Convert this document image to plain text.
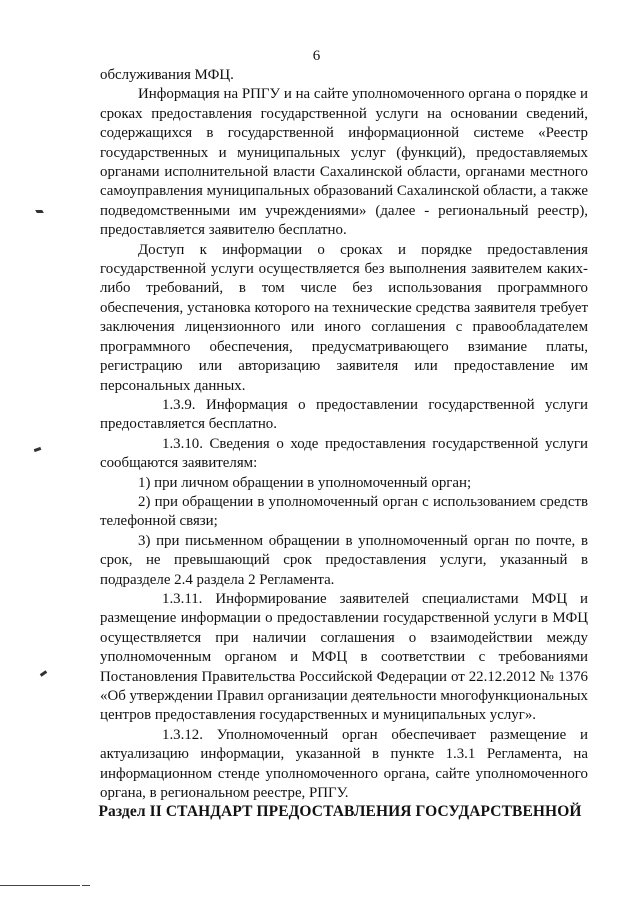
6

обслуживания МФЦ.

Информация на РПГУ и на сайте уполномоченного органа о порядке и сроках предоставления государственной услуги на основании сведений, содержащихся в государственной информационной системе «Реестр государственных и муниципальных услуг (функций), предоставляемых органами исполнительной власти Сахалинской области, органами местного самоуправления муниципальных образований Сахалинской области, а также подведомственными им учреждениями» (далее - региональный реестр), предоставляется заявителю бесплатно.

Доступ к информации о сроках и порядке предоставления государственной услуги осуществляется без выполнения заявителем каких-либо требований, в том числе без использования программного обеспечения, установка которого на технические средства заявителя требует заключения лицензионного или иного соглашения с правообладателем программного обеспечения, предусматривающего взимание платы, регистрацию или авторизацию заявителя или предоставление им персональных данных.

1.3.9. Информация о предоставлении государственной услуги предоставляется бесплатно.

1.3.10. Сведения о ходе предоставления государственной услуги сообщаются заявителям:

1) при личном обращении в уполномоченный орган;

2) при обращении в уполномоченный орган с использованием средств телефонной связи;

3) при письменном обращении в уполномоченный орган по почте, в срок, не превышающий срок предоставления услуги, указанный в подразделе 2.4 раздела 2 Регламента.

1.3.11. Информирование заявителей специалистами МФЦ и размещение информации о предоставлении государственной услуги в МФЦ осуществляется при наличии соглашения о взаимодействии между уполномоченным органом и МФЦ в соответствии с требованиями Постановления Правительства Российской Федерации от 22.12.2012 № 1376 «Об утверждении Правил организации деятельности многофункциональных центров предоставления государственных и муниципальных услуг».

1.3.12. Уполномоченный орган обеспечивает размещение и актуализацию информации, указанной в пункте 1.3.1 Регламента, на информационном стенде уполномоченного органа, сайте уполномоченного органа, в региональном реестре, РПГУ.

Раздел II СТАНДАРТ ПРЕДОСТАВЛЕНИЯ ГОСУДАРСТВЕННОЙ
